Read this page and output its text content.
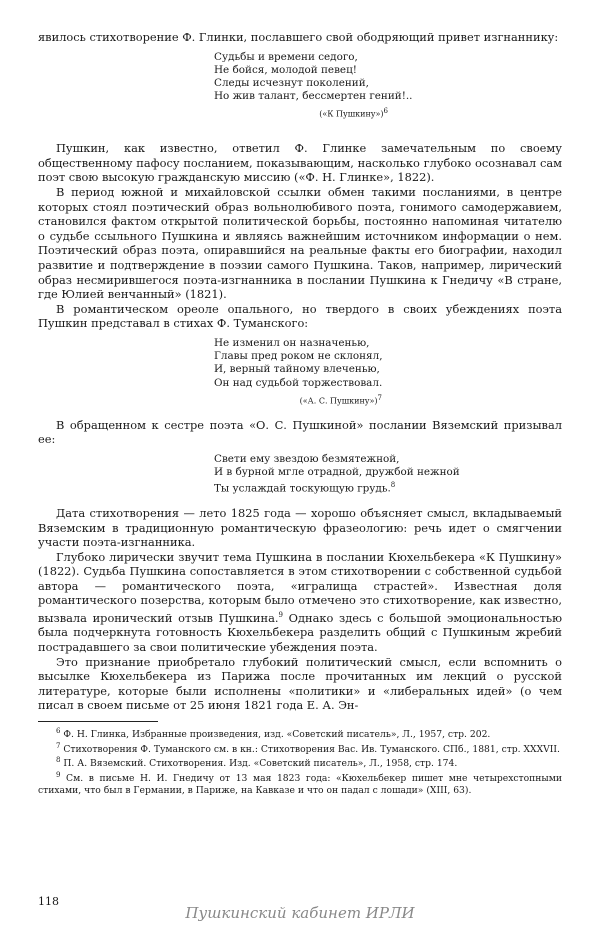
явилось стихотворение Ф. Глинки, пославшего свой ободряющий привет изгнаннику:

Судьбы и времени седого,
Не бойся, молодой певец!
Следы исчезнут поколений,
Но жив талант, бессмертен гений!..
(«К Пушкину»)6

Пушкин, как известно, ответил Ф. Глинке замечательным по своему общественному пафосу посланием, показывающим, насколько глубоко осознавал сам поэт свою высокую гражданскую миссию («Ф. Н. Глинке», 1822).

В период южной и михайловской ссылки обмен такими посланиями, в центре которых стоял поэтический образ вольнолюбивого поэта, гонимого самодержавием, становился фактом открытой политической борьбы, постоянно напоминая читателю о судьбе ссыльного Пушкина и являясь важнейшим источником информации о нем. Поэтический образ поэта, опиравшийся на реальные факты его биографии, находил развитие и подтверждение в поэзии самого Пушкина. Таков, например, лирический образ несмирившегося поэта-изгнанника в послании Пушкина к Гнедичу «В стране, где Юлией венчанный» (1821).

В романтическом ореоле опального, но твердого в своих убеждениях поэта Пушкин представал в стихах Ф. Туманского:

Не изменил он назначенью,
Главы пред роком не склонял,
И, верный тайному влеченью,
Он над судьбой торжествовал.
(«А. С. Пушкину»)7

В обращенном к сестре поэта «О. С. Пушкиной» послании Вяземский призывал ее:

Свети ему звездою безмятежной,
И в бурной мгле отрадной, дружбой нежной
Ты услаждай тоскующую грудь.$^8$

Дата стихотворения — лето 1825 года — хорошо объясняет смысл, вкладываемый Вяземским в традиционную романтическую фразеологию: речь идет о смягчении участи поэта-изгнанника.

Глубоко лирически звучит тема Пушкина в послании Кюхельбекера «К Пушкину» (1822). Судьба Пушкина сопоставляется в этом стихотворении с собственной судьбой автора — романтического поэта, «игралища страстей». Известная доля романтического позерства, которым было отмечено это стихотворение, как известно, вызвала иронический отзыв Пушкина.$^9$ Однако здесь с большой эмоциональностью была подчеркнута готовность Кюхельбекера разделить общий с Пушкиным жребий пострадавшего за свои политические убеждения поэта.

Это признание приобретало глубокий политический смысл, если вспомнить о высылке Кюхельбекера из Парижа после прочитанных им лекций о русской литературе, которые были исполнены «политики» и «либеральных идей» (о чем писал в своем письме от 25 июня 1821 года Е. А. Эн-

$^6$ Ф. Н. Глинка, Избранные произведения, изд. «Советский писатель», Л., 1957, стр. 202.

$^7$ Стихотворения Ф. Туманского см. в кн.: Стихотворения Вас. Ив. Туманского. СПб., 1881, стр. XXXVII.

$^8$ П. А. Вяземский. Стихотворения. Изд. «Советский писатель», Л., 1958, стр. 174.

$^9$ См. в письме Н. И. Гнедичу от 13 мая 1823 года: «Кюхельбекер пишет мне четырехстопными стихами, что был в Германии, в Париже, на Кавказе и что он падал с лошади» (XIII, 63).

118
Пушкинский кабинет ИРЛИ
